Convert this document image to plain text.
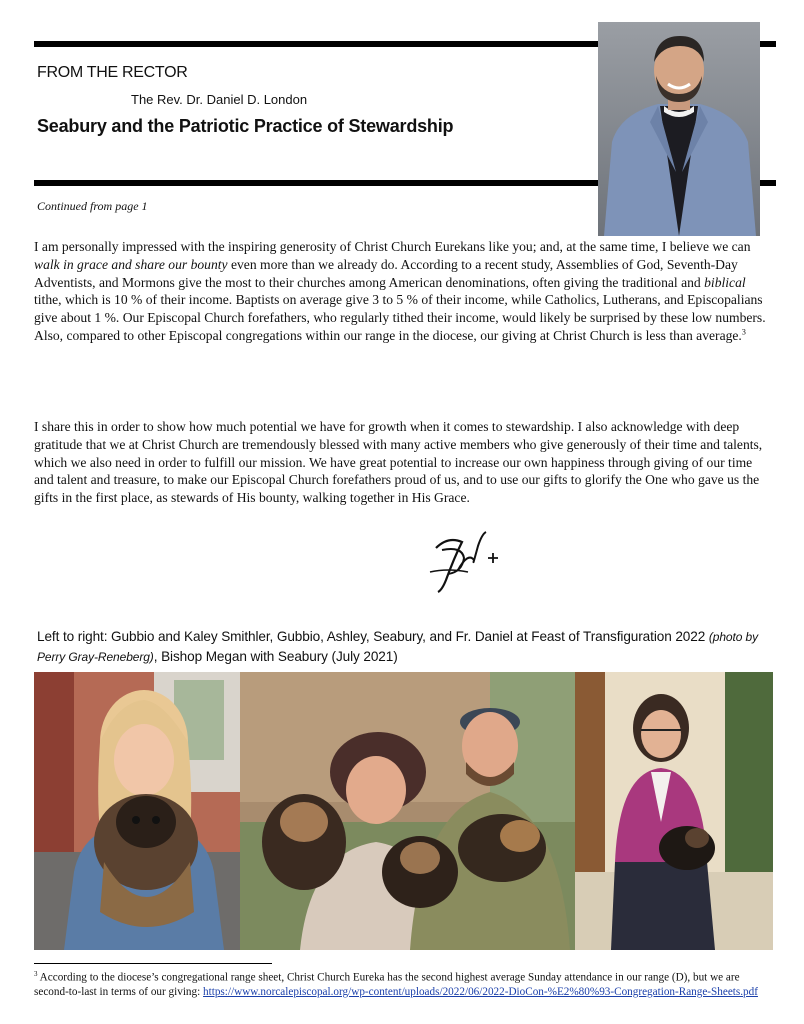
FROM THE RECTOR
The Rev. Dr. Daniel D. London
Seabury and the Patriotic Practice of Stewardship
Continued from page 1

I am personally impressed with the inspiring generosity of Christ Church Eurekans like you; and, at the same time, I believe we can walk in grace and share our bounty even more than we already do. According to a recent study, Assemblies of God, Seventh-Day Adventists, and Mormons give the most to their churches among American denominations, often giving the traditional and biblical tithe, which is 10 % of their income. Baptists on average give 3 to 5 % of their income, while Catholics, Lutherans, and Episcopalians give about 1 %. Our Episcopal Church forefathers, who regularly tithed their income, would likely be surprised by these low numbers. Also, compared to other Episcopal congregations within our range in the diocese, our giving at Christ Church is less than average.$^3$

I share this in order to show how much potential we have for growth when it comes to stewardship. I also acknowledge with deep gratitude that we at Christ Church are tremendously blessed with many active members who give generously of their time and talents, which we also need in order to fulfill our mission. We have great potential to increase our own happiness through giving of our time and talent and treasure, to make our Episcopal Church forefathers proud of us, and to use our gifts to glorify the One who gave us the gifts in the first place, as stewards of His bounty, walking together in His Grace.

Left to right: Gubbio and Kaley Smithler, Gubbio, Ashley, Seabury, and Fr. Daniel at Feast of Transfiguration 2022 (photo by Perry Gray-Reneberg), Bishop Megan with Seabury (July 2021)
$^3$ According to the diocese’s congregational range sheet, Christ Church Eureka has the second highest average Sunday attendance in our range (D), but we are second-to-last in terms of our giving: https://www.norcalepiscopal.org/wp-content/uploads/2022/06/2022-DioCon-%E2%80%93-Congregation-Range-Sheets.pdf
